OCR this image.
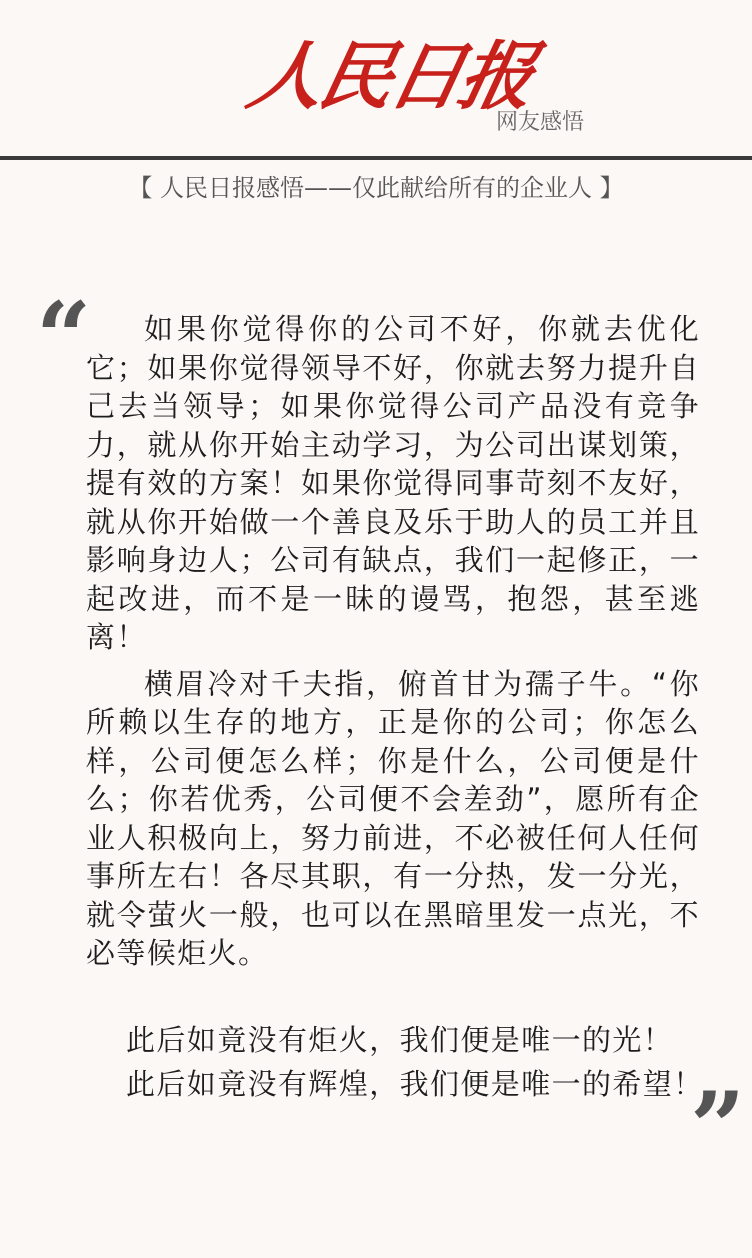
人民日报
网友感悟
【 人民日报感悟——仅此献给所有的企业人 】
“	如果你觉得你的公司不好，你就去优化它；如果你觉得领导不好，你就去努力提升自己去当领导；如果你觉得公司产品没有竞争力，就从你开始主动学习，为公司出谋划策，提有效的方案！如果你觉得同事苛刻不友好，就从你开始做一个善良及乐于助人的员工并且影响身边人；公司有缺点，我们一起修正，一起改进，而不是一昧的谩骂，抱怨，甚至逃离！

横眉冷对千夫指，俯首甘为孺子牛。“你所赖以生存的地方，正是你的公司；你怎么样，公司便怎么样；你是什么，公司便是什么；你若优秀，公司便不会差劲”，愿所有企业人积极向上，努力前进，不必被任何人任何事所左右！各尽其职，有一分热，发一分光，就令萤火一般，也可以在黑暗里发一点光，不必等候炬火。

此后如竟没有炬火，我们便是唯一的光！
此后如竟没有辉煌，我们便是唯一的希望！
”
